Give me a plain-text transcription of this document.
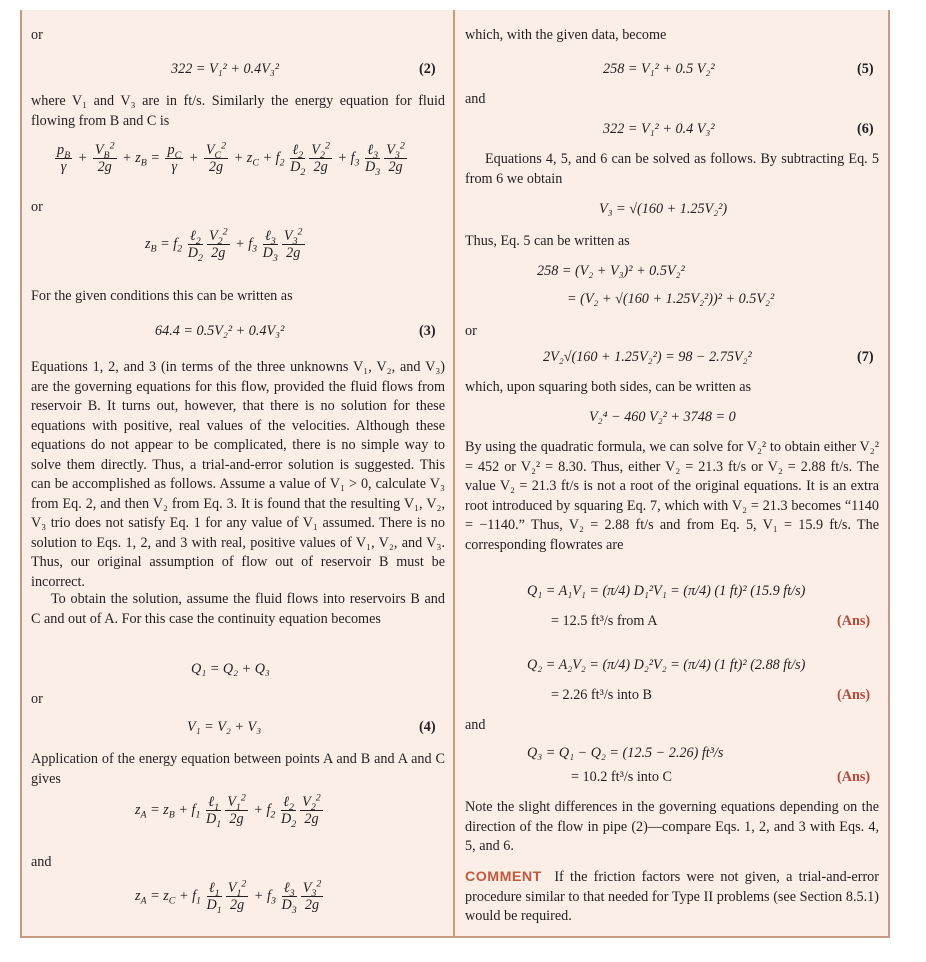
or
322 = V₁² + 0.4V₃²	(2)
where V₁ and V₃ are in ft/s. Similarly the energy equation for fluid flowing from B and C is
$\frac{p_B}{\gamma} + \frac{V_B^2}{2g} + z_B = \frac{p_C}{\gamma} + \frac{V_C^2}{2g} + z_C + f_2 \frac{\ell_2}{D_2} \frac{V_2^2}{2g} + f_3 \frac{\ell_3}{D_3} \frac{V_3^2}{2g}$
or
$z_B = f_2 \frac{\ell_2}{D_2} \frac{V_2^2}{2g} + f_3 \frac{\ell_3}{D_3} \frac{V_3^2}{2g}$
For the given conditions this can be written as
64.4 = 0.5V₂² + 0.4V₃²	(3)
Equations 1, 2, and 3 (in terms of the three unknowns V₁, V₂, and V₃) are the governing equations for this flow, provided the fluid flows from reservoir B. It turns out, however, that there is no solution for these equations with positive, real values of the velocities. Although these equations do not appear to be complicated, there is no simple way to solve them directly. Thus, a trial-and-error solution is suggested. This can be accomplished as follows. Assume a value of V₁ > 0, calculate V₃ from Eq. 2, and then V₂ from Eq. 3. It is found that the resulting V₁, V₂, V₃ trio does not satisfy Eq. 1 for any value of V₁ assumed. There is no solution to Eqs. 1, 2, and 3 with real, positive values of V₁, V₂, and V₃. Thus, our original assumption of flow out of reservoir B must be incorrect.
To obtain the solution, assume the fluid flows into reservoirs B and C and out of A. For this case the continuity equation becomes
Q₁ = Q₂ + Q₃
or
V₁ = V₂ + V₃	(4)
Application of the energy equation between points A and B and A and C gives
$z_A = z_B + f_1 \frac{\ell_1}{D_1} \frac{V_1^2}{2g} + f_2 \frac{\ell_2}{D_2} \frac{V_2^2}{2g}$
and
$z_A = z_C + f_1 \frac{\ell_1}{D_1} \frac{V_1^2}{2g} + f_3 \frac{\ell_3}{D_3} \frac{V_3^2}{2g}$
which, with the given data, become
258 = V₁² + 0.5 V₂²	(5)
and
322 = V₁² + 0.4 V₃²	(6)
Equations 4, 5, and 6 can be solved as follows. By subtracting Eq. 5 from 6 we obtain
V₃ = √(160 + 1.25V₂²)
Thus, Eq. 5 can be written as
258 = (V₂ + V₃)² + 0.5V₂²
= (V₂ + √(160 + 1.25V₂²))² + 0.5V₂²
or
2V₂√(160 + 1.25V₂²) = 98 − 2.75V₂²	(7)
which, upon squaring both sides, can be written as
V₂⁴ − 460 V₂² + 3748 = 0
By using the quadratic formula, we can solve for V₂² to obtain either V₂² = 452 or V₂² = 8.30. Thus, either V₂ = 21.3 ft/s or V₂ = 2.88 ft/s. The value V₂ = 21.3 ft/s is not a root of the original equations. It is an extra root introduced by squaring Eq. 7, which with V₂ = 21.3 becomes “1140 = −1140.” Thus, V₂ = 2.88 ft/s and from Eq. 5, V₁ = 15.9 ft/s. The corresponding flowrates are
Q₁ = A₁V₁ = (π/4) D₁²V₁ = (π/4) (1 ft)² (15.9 ft/s)
= 12.5 ft³/s from A	(Ans)
Q₂ = A₂V₂ = (π/4) D₂²V₂ = (π/4) (1 ft)² (2.88 ft/s)
= 2.26 ft³/s into B	(Ans)
and
Q₃ = Q₁ − Q₂ = (12.5 − 2.26) ft³/s
= 10.2 ft³/s into C	(Ans)
Note the slight differences in the governing equations depending on the direction of the flow in pipe (2)—compare Eqs. 1, 2, and 3 with Eqs. 4, 5, and 6.
COMMENT If the friction factors were not given, a trial-and-error procedure similar to that needed for Type II problems (see Section 8.5.1) would be required.
